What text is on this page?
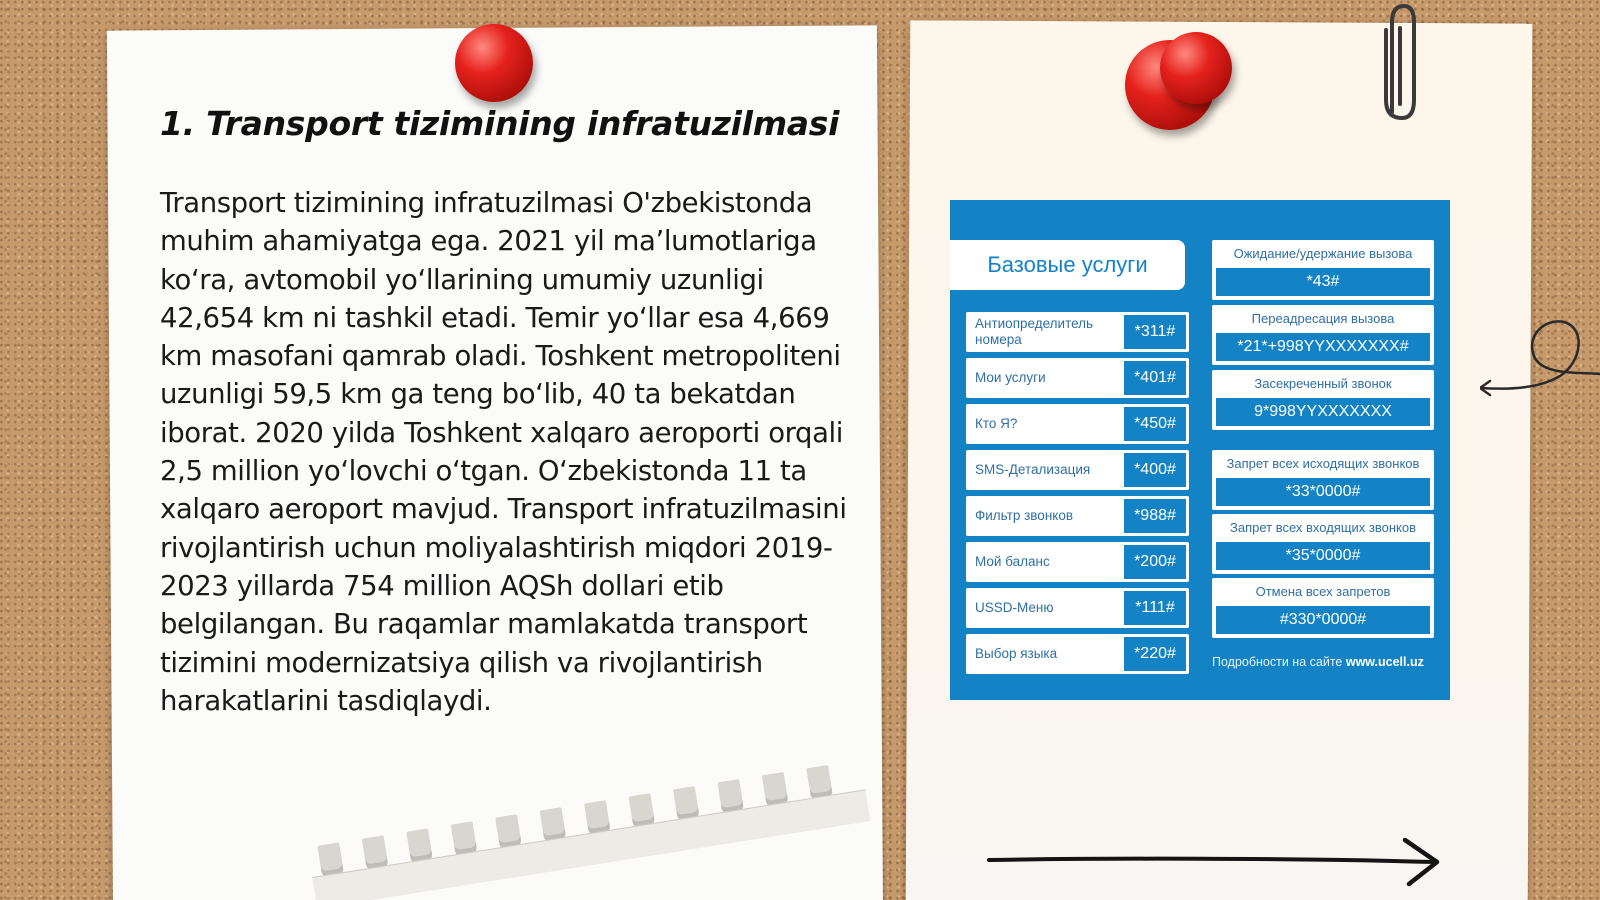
1. Transport tizimining infratuzilmasi

Transport tizimining infratuzilmasi O'zbekistonda muhim ahamiyatga ega. 2021 yil ma’lumotlariga ko‘ra, avtomobil yo‘llarining umumiy uzunligi 42,654 km ni tashkil etadi. Temir yo‘llar esa 4,669 km masofani qamrab oladi. Toshkent metropoliteni uzunligi 59,5 km ga teng bo‘lib, 40 ta bekatdan iborat. 2020 yilda Toshkent xalqaro aeroporti orqali 2,5 million yo‘lovchi o‘tgan. O‘zbekistonda 11 ta xalqaro aeroport mavjud. Transport infratuzilmasini rivojlantirish uchun moliyalashtirish miqdori 2019-2023 yillarda 754 million AQSh dollari etib belgilangan. Bu raqamlar mamlakatda transport tizimini modernizatsiya qilish va rivojlantirish harakatlarini tasdiqlaydi.

Базовые услуги
Антиопределитель номера	*311#
Мои услуги	*401#
Кто Я?	*450#
SMS-Детализация	*400#
Фильтр звонков	*988#
Мой баланс	*200#
USSD-Меню	*111#
Выбор языка	*220#
Ожидание/удержание вызова
*43#
Переадресация вызова
*21*+998YYXXXXXXX#
Засекреченный звонок
9*998YYXXXXXXX
Запрет всех исходящих звонков
*33*0000#
Запрет всех входящих звонков
*35*0000#
Отмена всех запретов
#330*0000#
Подробности на сайте www.ucell.uz
